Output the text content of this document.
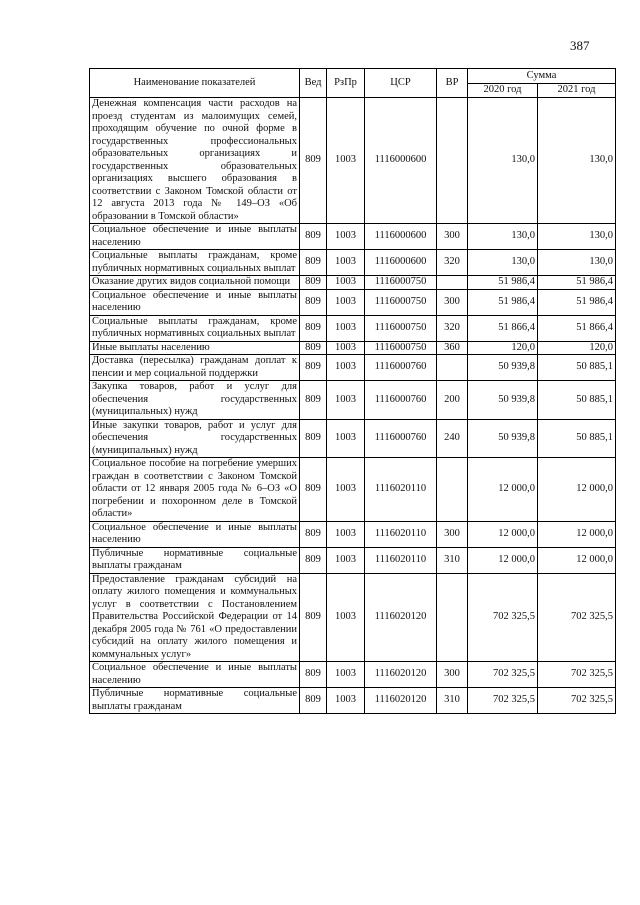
387
Наименование показателей	Вед	РзПр	ЦСР	ВР	Сумма	
					2020 год	2021 год
Денежная компенсация части расходов на проезд студентам из малоимущих семей, проходящим обучение по очной форме в государственных профессиональных образовательных организациях и государственных образовательных организациях высшего образования в соответствии с Законом Томской области от 12 августа 2013 года № 149–ОЗ «Об образовании в Томской области»	809	1003	1116000600		130,0	130,0
Социальное обеспечение и иные выплаты населению	809	1003	1116000600	300	130,0	130,0
Социальные выплаты гражданам, кроме публичных нормативных социальных выплат	809	1003	1116000600	320	130,0	130,0
Оказание других видов социальной помощи	809	1003	1116000750		51 986,4	51 986,4
Социальное обеспечение и иные выплаты населению	809	1003	1116000750	300	51 986,4	51 986,4
Социальные выплаты гражданам, кроме публичных нормативных социальных выплат	809	1003	1116000750	320	51 866,4	51 866,4
Иные выплаты населению	809	1003	1116000750	360	120,0	120,0
Доставка (пересылка) гражданам доплат к пенсии и мер социальной поддержки	809	1003	1116000760		50 939,8	50 885,1
Закупка товаров, работ и услуг для обеспечения государственных (муниципальных) нужд	809	1003	1116000760	200	50 939,8	50 885,1
Иные закупки товаров, работ и услуг для обеспечения государственных (муниципальных) нужд	809	1003	1116000760	240	50 939,8	50 885,1
Социальное пособие на погребение умерших граждан в соответствии с Законом Томской области от 12 января 2005 года № 6–ОЗ «О погребении и похоронном деле в Томской области»	809	1003	1116020110		12 000,0	12 000,0
Социальное обеспечение и иные выплаты населению	809	1003	1116020110	300	12 000,0	12 000,0
Публичные нормативные социальные выплаты гражданам	809	1003	1116020110	310	12 000,0	12 000,0
Предоставление гражданам субсидий на оплату жилого помещения и коммунальных услуг в соответствии с Постановлением Правительства Российской Федерации от 14 декабря 2005 года № 761 «О предоставлении субсидий на оплату жилого помещения и коммунальных услуг»	809	1003	1116020120		702 325,5	702 325,5
Социальное обеспечение и иные выплаты населению	809	1003	1116020120	300	702 325,5	702 325,5
Публичные нормативные социальные выплаты гражданам	809	1003	1116020120	310	702 325,5	702 325,5
